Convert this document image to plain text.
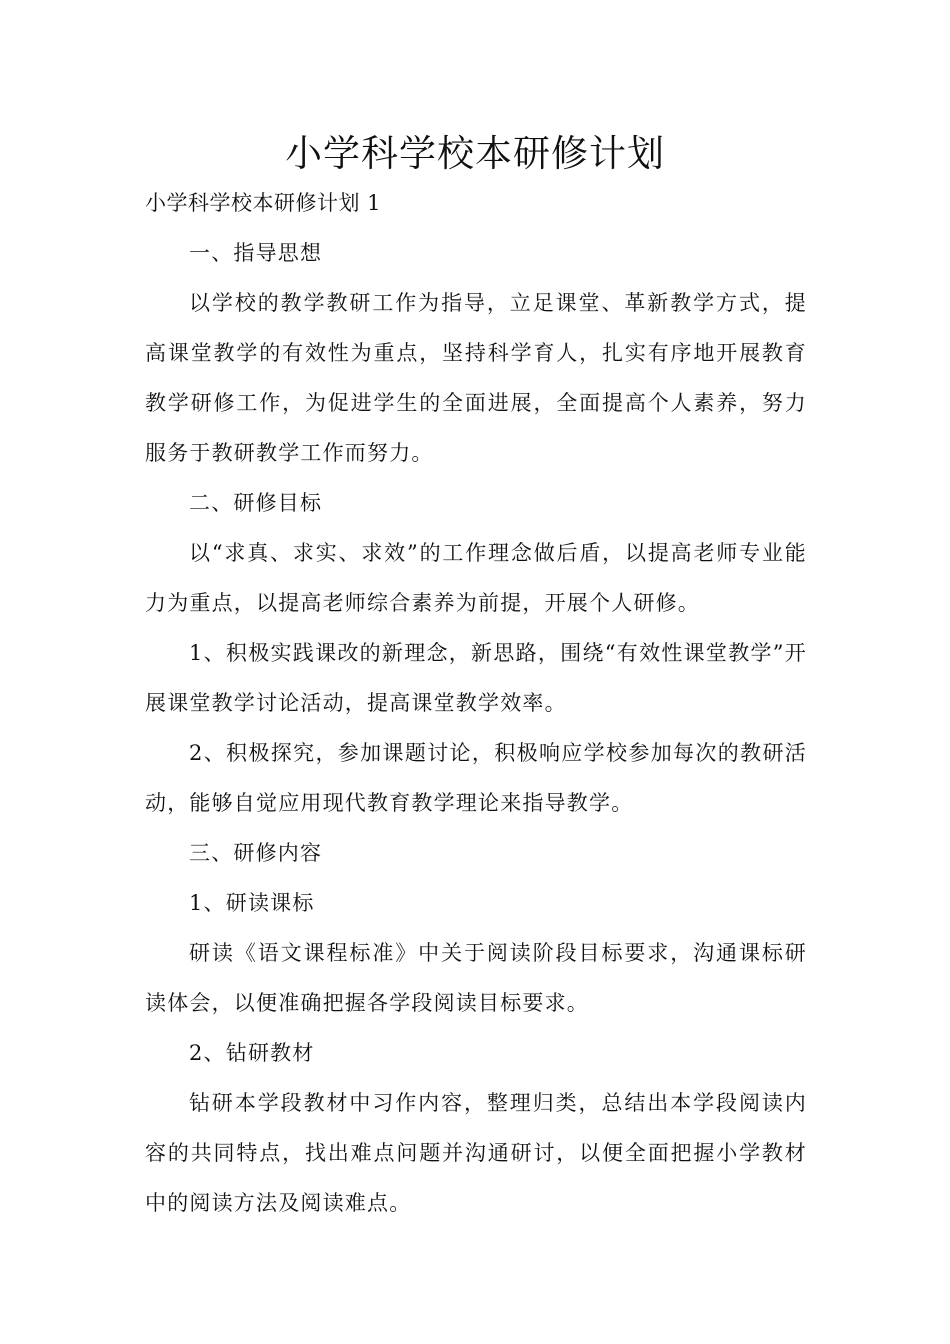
小学科学校本研修计划

小学科学校本研修计划 1

一、指导思想

以学校的教学教研工作为指导，立足课堂、革新教学方式，提高课堂教学的有效性为重点，坚持科学育人，扎实有序地开展教育教学研修工作，为促进学生的全面进展，全面提高个人素养，努力服务于教研教学工作而努力。

二、研修目标

以“求真、求实、求效”的工作理念做后盾，以提高老师专业能力为重点，以提高老师综合素养为前提，开展个人研修。

1、积极实践课改的新理念，新思路，围绕“有效性课堂教学”开展课堂教学讨论活动，提高课堂教学效率。

2、积极探究，参加课题讨论，积极响应学校参加每次的教研活动，能够自觉应用现代教育教学理论来指导教学。

三、研修内容

1、研读课标

研读《语文课程标准》中关于阅读阶段目标要求，沟通课标研读体会，以便准确把握各学段阅读目标要求。

2、钻研教材

钻研本学段教材中习作内容，整理归类，总结出本学段阅读内容的共同特点，找出难点问题并沟通研讨，以便全面把握小学教材中的阅读方法及阅读难点。
